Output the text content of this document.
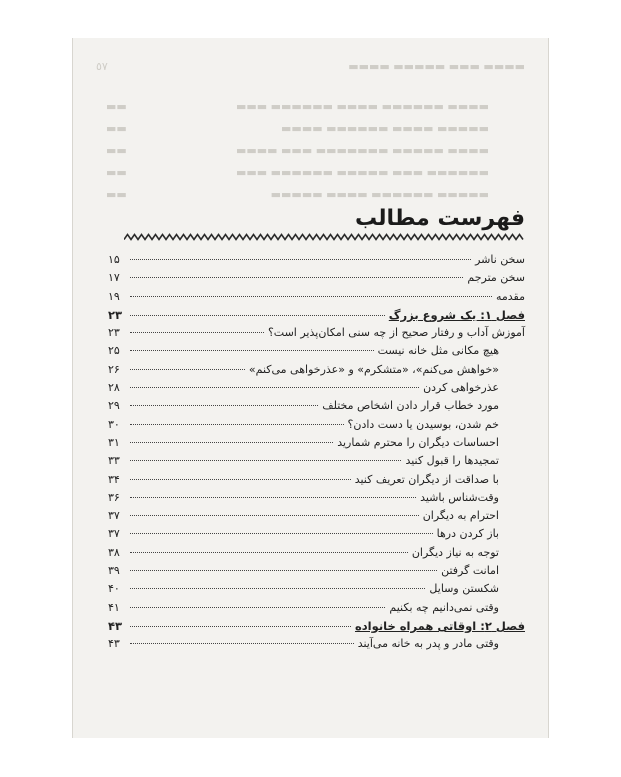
▬▬▬▬ ▬▬▬ ▬▬▬▬▬ ▬▬▬▬
٥٧
▬▬▬▬ ▬▬▬▬▬▬ ▬▬▬▬ ▬▬▬▬▬▬ ▬▬▬
▬▬
▬▬▬▬▬ ▬▬▬▬ ▬▬▬▬▬▬ ▬▬▬▬
▬▬
▬▬▬▬ ▬▬▬▬▬ ▬▬▬▬▬▬▬ ▬▬▬ ▬▬▬▬
▬▬
▬▬▬▬▬▬ ▬▬▬ ▬▬▬▬▬ ▬▬▬▬▬▬ ▬▬▬
▬▬
▬▬▬▬▬ ▬▬▬▬▬▬ ▬▬▬▬ ▬▬▬▬▬
▬▬
فهرست مطالب
سخن ناشر
۱۵
سخن مترجم
۱۷
مقدمه
۱۹
فصل ۱: یک شروع بزرگ
۲۳
آموزش آداب و رفتار صحیح از چه سنی امکان‌پذیر است؟
۲۳
هیچ مکانی مثل خانه نیست
۲۵
«خواهش می‌کنم»، «متشکرم» و «عذرخواهی می‌کنم»
۲۶
عذرخواهی کردن
۲۸
مورد خطاب قرار دادن اشخاص مختلف
۲۹
خم شدن، بوسیدن یا دست دادن؟
۳۰
احساسات دیگران را محترم شمارید
۳۱
تمجیدها را قبول کنید
۳۳
با صداقت از دیگران تعریف کنید
۳۴
وقت‌شناس باشید
۳۶
احترام به دیگران
۳۷
باز کردن درها
۳۷
توجه به نیاز دیگران
۳۸
امانت گرفتن
۳۹
شکستن وسایل
۴۰
وقتی نمی‌دانیم چه بکنیم
۴۱
فصل ۲: اوقاتی همراه خانواده
۴۳
وقتی مادر و پدر به خانه می‌آیند
۴۳
